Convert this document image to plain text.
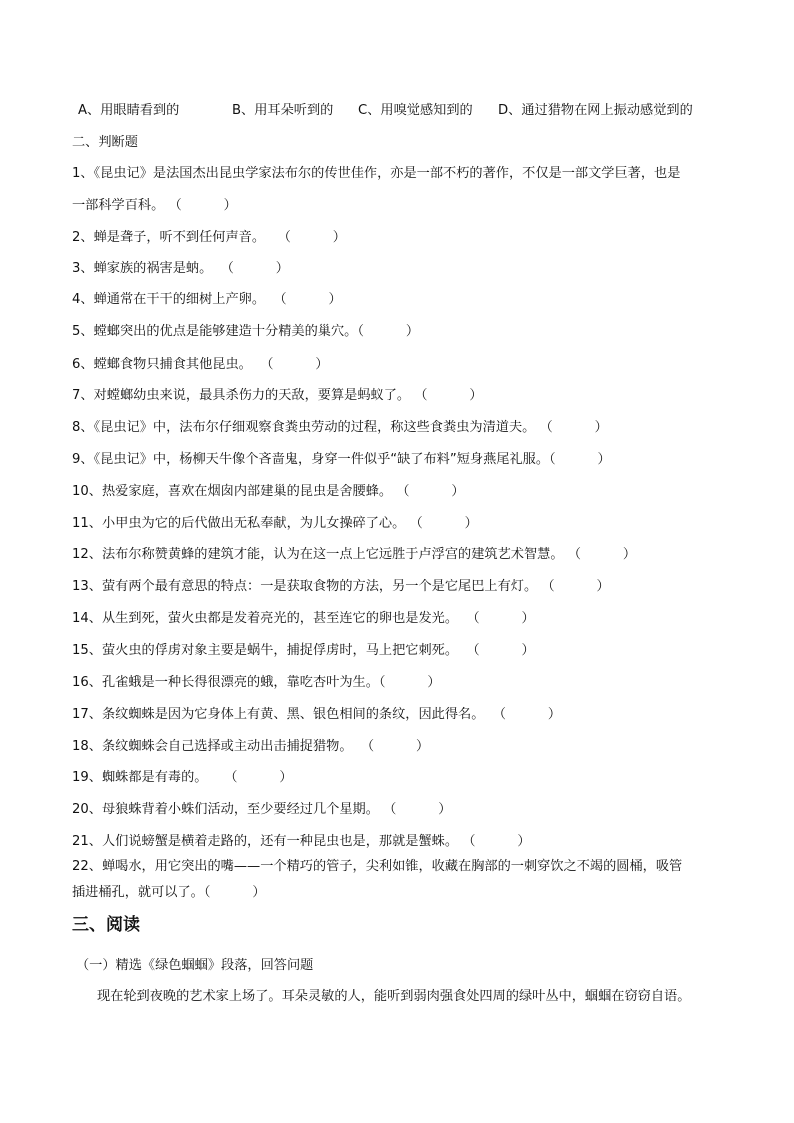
A、用眼睛看到的

	B、用耳朵听到的

C、用嗅觉感知到的

D、通过猎物在网上振动感觉到的

二、判断题
1、《昆虫记》是法国杰出昆虫学家法布尔的传世佳作，亦是一部不朽的著作，不仅是一部文学巨著，也是
一部科学百科。 （          ）
2、蝉是聋子，听不到任何声音。   （          ）
3、蝉家族的祸害是蚋。  （          ）
4、蝉通常在干干的细树上产卵。  （          ）
5、螳螂突出的优点是能够建造十分精美的巢穴。（          ）
6、螳螂食物只捕食其他昆虫。  （          ）
7、对螳螂幼虫来说，最具杀伤力的天敌，要算是蚂蚁了。 （          ）
8、《昆虫记》中，法布尔仔细观察食粪虫劳动的过程，称这些食粪虫为清道夫。 （          ）
9、《昆虫记》中，杨柳天牛像个吝啬鬼，身穿一件似乎“缺了布料”短身燕尾礼服。（          ）
10、热爱家庭，喜欢在烟囱内部建巢的昆虫是舍腰蜂。 （          ）
11、小甲虫为它的后代做出无私奉献，为儿女操碎了心。 （          ）
12、法布尔称赞黄蜂的建筑才能，认为在这一点上它远胜于卢浮宫的建筑艺术智慧。 （          ）
13、萤有两个最有意思的特点：一是获取食物的方法，另一个是它尾巴上有灯。 （          ）
14、从生到死，萤火虫都是发着亮光的，甚至连它的卵也是发光。  （          ）
15、萤火虫的俘虏对象主要是蜗牛，捕捉俘虏时，马上把它刺死。  （          ）
16、孔雀蛾是一种长得很漂亮的蛾，靠吃杏叶为生。（          ）
17、条纹蜘蛛是因为它身体上有黄、黑、银色相间的条纹，因此得名。  （          ）
18、条纹蜘蛛会自己选择或主动出击捕捉猎物。  （          ）
19、蜘蛛都是有毒的。    （          ）
20、母狼蛛背着小蛛们活动，至少要经过几个星期。 （          ）
21、人们说螃蟹是横着走路的，还有一种昆虫也是，那就是蟹蛛。 （          ）
22、蝉喝水，用它突出的嘴——一个精巧的管子，尖利如锥，收藏在胸部的一刺穿饮之不竭的圆桶，吸管
插进桶孔，就可以了。（          ）
三、阅读
（一）精选《绿色蝈蝈》段落，回答问题
现在轮到夜晚的艺术家上场了。耳朵灵敏的人，能听到弱肉强食处四周的绿叶丛中，蝈蝈在窃窃自语。
